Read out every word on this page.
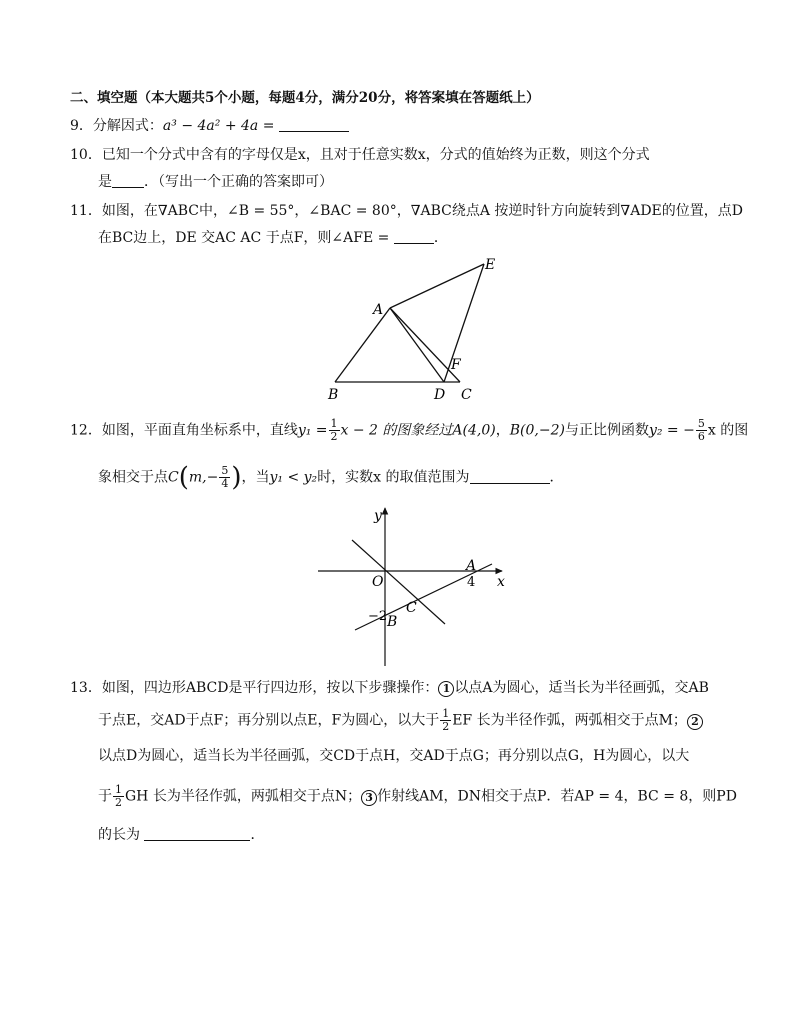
二、填空题（本大题共5个小题，每题4分，满分20分，将答案填在答题纸上）
9．分解因式：a³ − 4a² + 4a =
10．已知一个分式中含有的字母仅是x，且对于任意实数x，分式的值始终为正数，则这个分式
是 ．（写出一个正确的答案即可）
11．如图，在∇ABC中，∠B = 55°，∠BAC = 80°，∇ABC绕点A 按逆时针方向旋转到∇ADE的位置，点D
在BC边上，DE 交AC AC 于点F，则∠AFE =	．
A
B	C
D
E
F
12．如图，平面直角坐标系中，直线$y_1 = \frac{1}{2}$ x − 2 的图象经过A(4,0)，B(0,−2)与正比例函数y₂ = − $\frac{5}{6}$ x 的图
象相交于点$C(m,- \frac{5}{4}$ )，当y₁ < y₂时，实数x 的取值范围为	．
y
x
O
A
4
C
−2 B
13．如图，四边形ABCD是平行四边形，按以下步骤操作： 1 以点A为圆心，适当长为半径画弧，交AB
于点E，交AD于点F；再分别以点E，F为圆心，以大于 $\frac{1}{2}$ EF 长为半径作弧，两弧相交于点M； 2
以点D为圆心，适当长为半径画弧，交CD于点H，交AD于点G；再分别以点G，H为圆心，以大
于 $\frac{1}{2}$ GH 长为半径作弧，两弧相交于点N； 3 作射线AM，DN相交于点P．若AP = 4，BC = 8，则PD
的长为	．
